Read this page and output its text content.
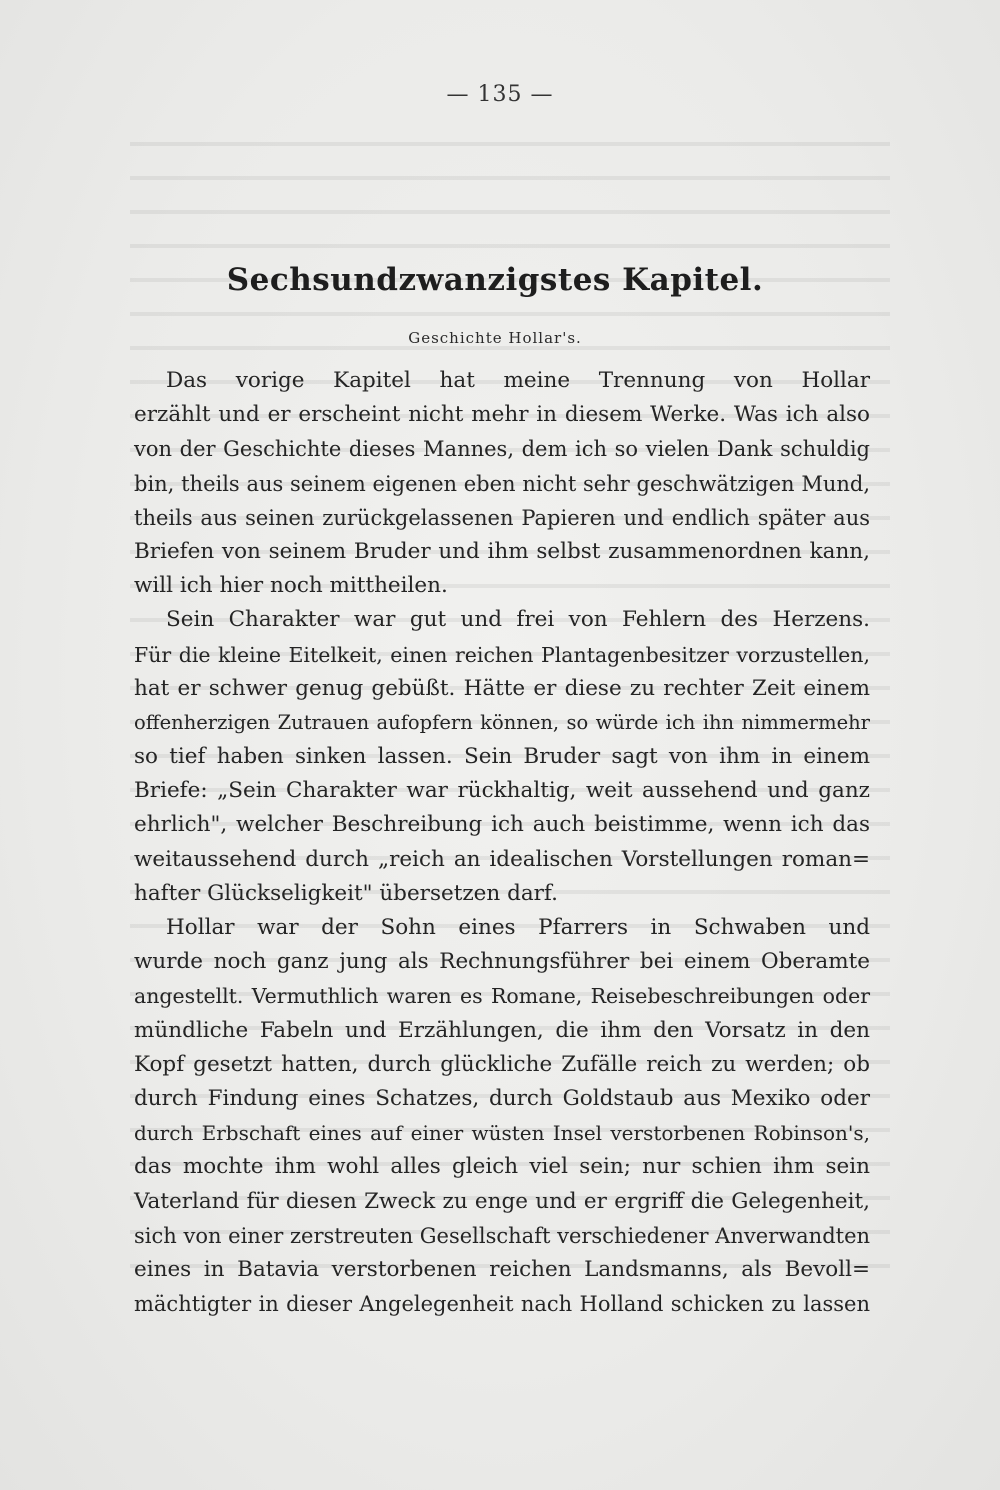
— 135 —
Sechsundzwanzigstes Kapitel.
Geschichte Hollar's.
Das vorige Kapitel hat meine Trennung von Hollar
erzählt und er erscheint nicht mehr in diesem Werke. Was ich also
von der Geschichte dieses Mannes, dem ich so vielen Dank schuldig
bin, theils aus seinem eigenen eben nicht sehr geschwätzigen Mund,
theils aus seinen zurückgelassenen Papieren und endlich später aus
Briefen von seinem Bruder und ihm selbst zusammenordnen kann,
will ich hier noch mittheilen.
Sein Charakter war gut und frei von Fehlern des Herzens.
Für die kleine Eitelkeit, einen reichen Plantagenbesitzer vorzustellen,
hat er schwer genug gebüßt. Hätte er diese zu rechter Zeit einem
offenherzigen Zutrauen aufopfern können, so würde ich ihn nimmermehr
so tief haben sinken lassen. Sein Bruder sagt von ihm in einem
Briefe: „Sein Charakter war rückhaltig, weit aussehend und ganz
ehrlich", welcher Beschreibung ich auch beistimme, wenn ich das
weitaussehend durch „reich an idealischen Vorstellungen roman=
hafter Glückseligkeit" übersetzen darf.
Hollar war der Sohn eines Pfarrers in Schwaben und
wurde noch ganz jung als Rechnungsführer bei einem Oberamte
angestellt. Vermuthlich waren es Romane, Reisebeschreibungen oder
mündliche Fabeln und Erzählungen, die ihm den Vorsatz in den
Kopf gesetzt hatten, durch glückliche Zufälle reich zu werden; ob
durch Findung eines Schatzes, durch Goldstaub aus Mexiko oder
durch Erbschaft eines auf einer wüsten Insel verstorbenen Robinson's,
das mochte ihm wohl alles gleich viel sein; nur schien ihm sein
Vaterland für diesen Zweck zu enge und er ergriff die Gelegenheit,
sich von einer zerstreuten Gesellschaft verschiedener Anverwandten
eines in Batavia verstorbenen reichen Landsmanns, als Bevoll=
mächtigter in dieser Angelegenheit nach Holland schicken zu lassen
